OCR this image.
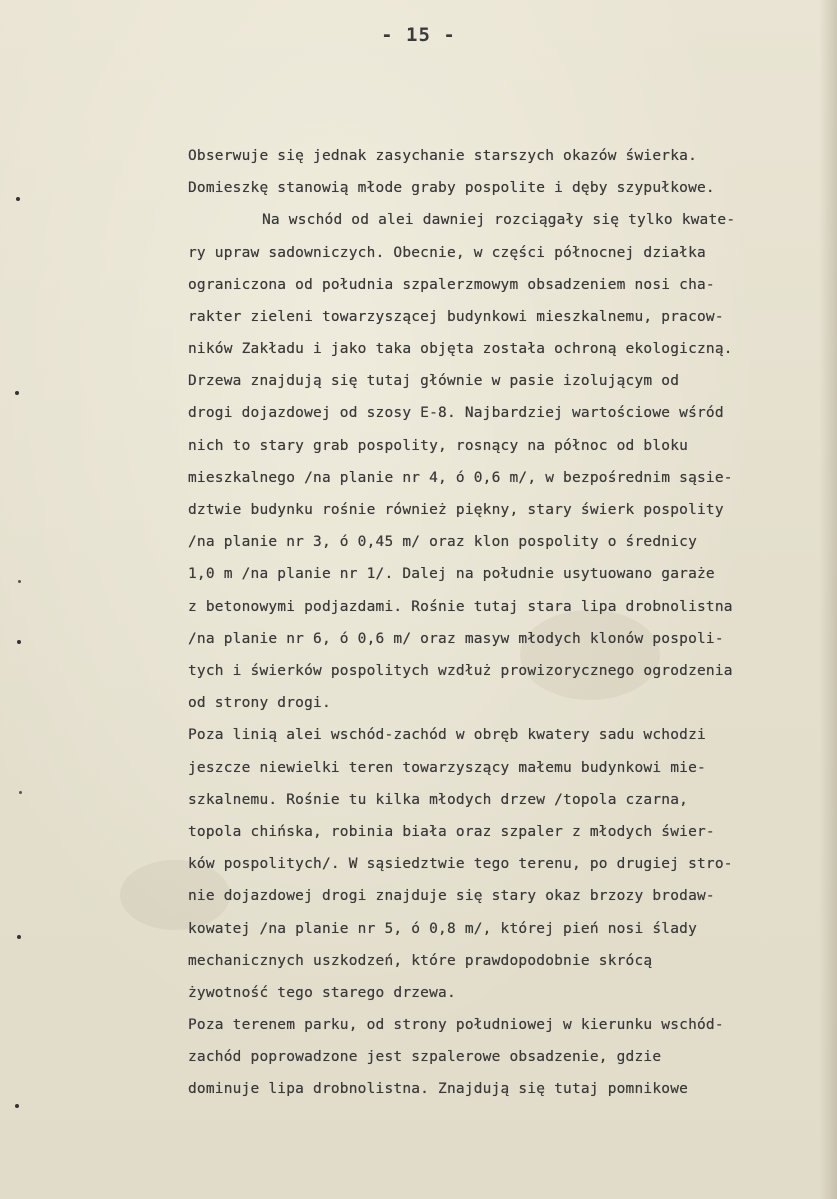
- 15 -
Obserwuje się jednak zasychanie starszych okazów świerka.
Domieszkę stanowią młode graby pospolite i dęby szypułkowe.
Na wschód od alei dawniej rozciągały się tylko kwate-
ry upraw sadowniczych. Obecnie, w części północnej działka
ograniczona od południa szpalerzmowym obsadzeniem nosi cha-
rakter zieleni towarzyszącej budynkowi mieszkalnemu, pracow-
ników Zakładu i jako taka objęta została ochroną ekologiczną.
Drzewa znajdują się tutaj głównie w pasie izolującym od
drogi dojazdowej od szosy E-8. Najbardziej wartościowe wśród
nich to stary grab pospolity, rosnący na północ od bloku
mieszkalnego /na planie nr 4, ό 0,6 m/, w bezpośrednim sąsie-
dztwie budynku rośnie również piękny, stary świerk pospolity
/na planie nr 3, ό 0,45 m/ oraz klon pospolity o średnicy
1,0 m /na planie nr 1/. Dalej na południe usytuowano garaże
z betonowymi podjazdami. Rośnie tutaj stara lipa drobnolistna
/na planie nr 6, ό 0,6 m/ oraz masyw młodych klonów pospoli-
tych i świerków pospolitych wzdłuż prowizorycznego ogrodzenia
od strony drogi.
Poza linią alei wschód-zachód w obręb kwatery sadu wchodzi
jeszcze niewielki teren towarzyszący małemu budynkowi mie-
szkalnemu. Rośnie tu kilka młodych drzew /topola czarna,
topola chińska, robinia biała oraz szpaler z młodych świer-
ków pospolitych/. W sąsiedztwie tego terenu, po drugiej stro-
nie dojazdowej drogi znajduje się stary okaz brzozy brodaw-
kowatej /na planie nr 5, ό 0,8 m/, której pień nosi ślady
mechanicznych uszkodzeń, które prawdopodobnie skrócą
żywotność tego starego drzewa.
Poza terenem parku, od strony południowej w kierunku wschód-
zachód poprowadzone jest szpalerowe obsadzenie, gdzie
dominuje lipa drobnolistna. Znajdują się tutaj pomnikowe
